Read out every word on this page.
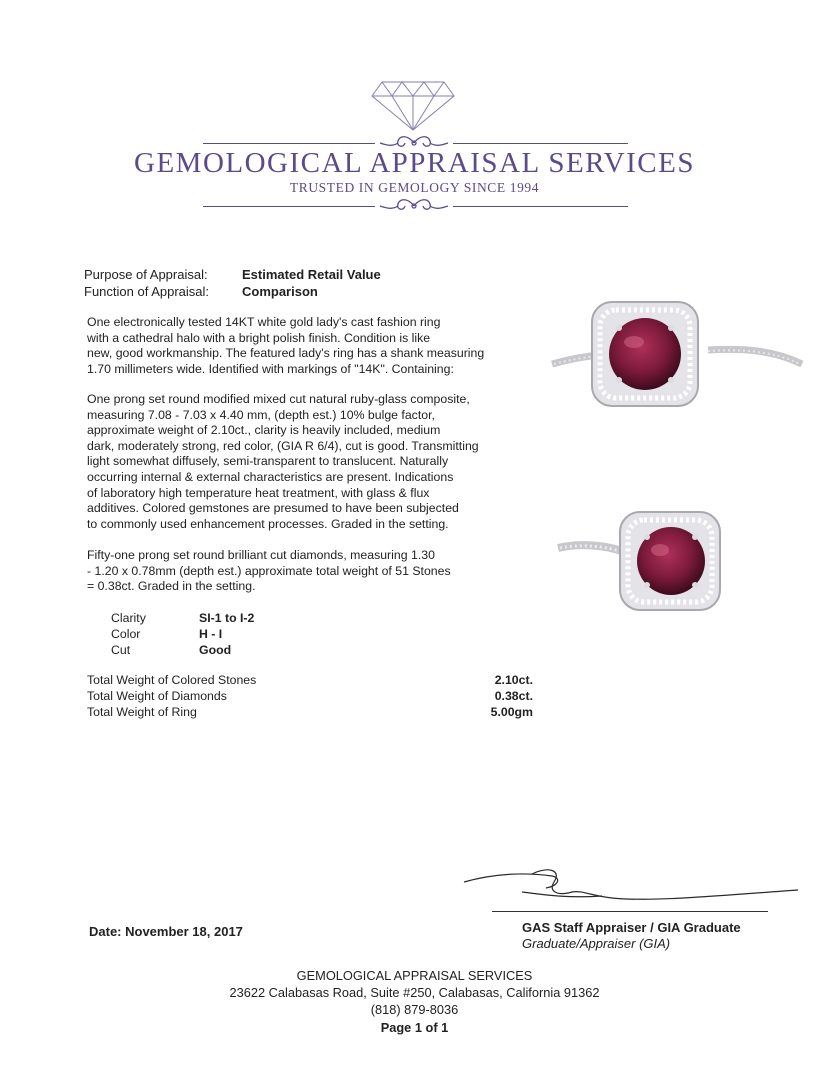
GEMOLOGICAL APPRAISAL SERVICES
TRUSTED IN GEMOLOGY SINCE 1994
Purpose of Appraisal:	Estimated Retail Value
Function of Appraisal:	Comparison
One electronically tested 14KT white gold lady's cast fashion ring
with a cathedral halo with a bright polish finish. Condition is like
new, good workmanship. The featured lady's ring has a shank measuring
1.70 millimeters wide. Identified with markings of "14K". Containing:
One prong set round modified mixed cut natural ruby-glass composite,
measuring 7.08 - 7.03 x 4.40 mm, (depth est.) 10% bulge factor,
approximate weight of 2.10ct., clarity is heavily included, medium
dark, moderately strong, red color, (GIA R 6/4), cut is good. Transmitting
light somewhat diffusely, semi-transparent to translucent. Naturally
occurring internal & external characteristics are present. Indications
of laboratory high temperature heat treatment, with glass & flux
additives. Colored gemstones are presumed to have been subjected
to commonly used enhancement processes. Graded in the setting.
Fifty-one prong set round brilliant cut diamonds, measuring 1.30
- 1.20 x 0.78mm (depth est.) approximate total weight of 51 Stones
= 0.38ct. Graded in the setting.
Clarity	SI-1 to I-2
Color	H - I
Cut	Good
Total Weight of Colored Stones	2.10ct.
Total Weight of Diamonds	0.38ct.
Total Weight of Ring	5.00gm
Date: November 18, 2017	GAS Staff Appraiser / GIA Graduate
Graduate/Appraiser (GIA)
GEMOLOGICAL APPRAISAL SERVICES
23622 Calabasas Road, Suite #250, Calabasas, California 91362
(818) 879-8036
Page 1 of 1
